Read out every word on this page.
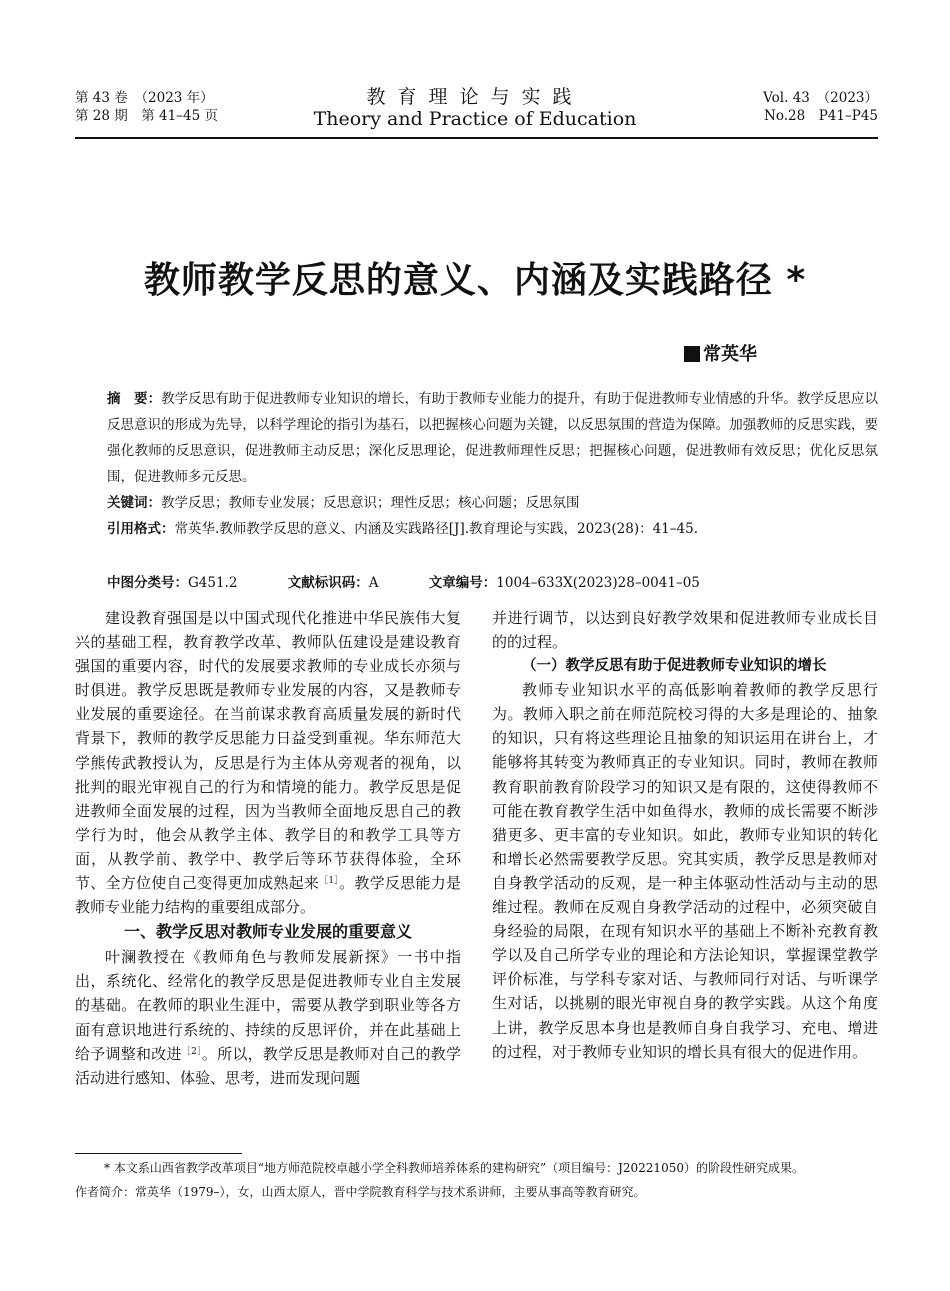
第 43 卷　（2023 年）
第 28 期　第 41–45 页
教育理论与实践
Theory and Practice of Education
Vol. 43　（2023）
No.28　P41–P45
教师教学反思的意义、内涵及实践路径 *
常英华

摘　要：教学反思有助于促进教师专业知识的增长，有助于教师专业能力的提升，有助于促进教师专业情感的升华。教学反思应以反思意识的形成为先导，以科学理论的指引为基石，以把握核心问题为关键，以反思氛围的营造为保障。加强教师的反思实践，要强化教师的反思意识，促进教师主动反思；深化反思理论，促进教师理性反思；把握核心问题，促进教师有效反思；优化反思氛围，促进教师多元反思。

关键词：教学反思；教师专业发展；反思意识；理性反思；核心问题；反思氛围

引用格式：常英华.教师教学反思的意义、内涵及实践路径[J].教育理论与实践，2023(28)：41–45.

中图分类号：G451.2	文献标识码：A	文章编号：1004–633X(2023)28–0041–05

建设教育强国是以中国式现代化推进中华民族伟大复兴的基础工程，教育教学改革、教师队伍建设是建设教育强国的重要内容，时代的发展要求教师的专业成长亦须与时俱进。教学反思既是教师专业发展的内容，又是教师专业发展的重要途径。在当前谋求教育高质量发展的新时代背景下，教师的教学反思能力日益受到重视。华东师范大学熊传武教授认为，反思是行为主体从旁观者的视角，以批判的眼光审视自己的行为和情境的能力。教学反思是促进教师全面发展的过程，因为当教师全面地反思自己的教学行为时，他会从教学主体、教学目的和教学工具等方面，从教学前、教学中、教学后等环节获得体验，全环节、全方位使自己变得更加成熟起来$^{[1]}$。教学反思能力是教师专业能力结构的重要组成部分。

一、教学反思对教师专业发展的重要意义

叶澜教授在《教师角色与教师发展新探》一书中指出，系统化、经常化的教学反思是促进教师专业自主发展的基础。在教师的职业生涯中，需要从教学到职业等各方面有意识地进行系统的、持续的反思评价，并在此基础上给予调整和改进$^{[2]}$。所以，教学反思是教师对自己的教学活动进行感知、体验、思考，进而发现问题

并进行调节，以达到良好教学效果和促进教师专业成长目的的过程。

（一）教学反思有助于促进教师专业知识的增长

教师专业知识水平的高低影响着教师的教学反思行为。教师入职之前在师范院校习得的大多是理论的、抽象的知识，只有将这些理论且抽象的知识运用在讲台上，才能够将其转变为教师真正的专业知识。同时，教师在教师教育职前教育阶段学习的知识又是有限的，这使得教师不可能在教育教学生活中如鱼得水，教师的成长需要不断涉猎更多、更丰富的专业知识。如此，教师专业知识的转化和增长必然需要教学反思。究其实质，教学反思是教师对自身教学活动的反观，是一种主体驱动性活动与主动的思维过程。教师在反观自身教学活动的过程中，必须突破自身经验的局限，在现有知识水平的基础上不断补充教育教学以及自己所学专业的理论和方法论知识，掌握课堂教学评价标准，与学科专家对话、与教师同行对话、与听课学生对话，以挑剔的眼光审视自身的教学实践。从这个角度上讲，教学反思本身也是教师自身自我学习、充电、增进的过程，对于教师专业知识的增长具有很大的促进作用。

* 本文系山西省教学改革项目“地方师范院校卓越小学全科教师培养体系的建构研究”（项目编号：J20221050）的阶段性研究成果。
作者简介：常英华（1979–），女，山西太原人，晋中学院教育科学与技术系讲师，主要从事高等教育研究。
